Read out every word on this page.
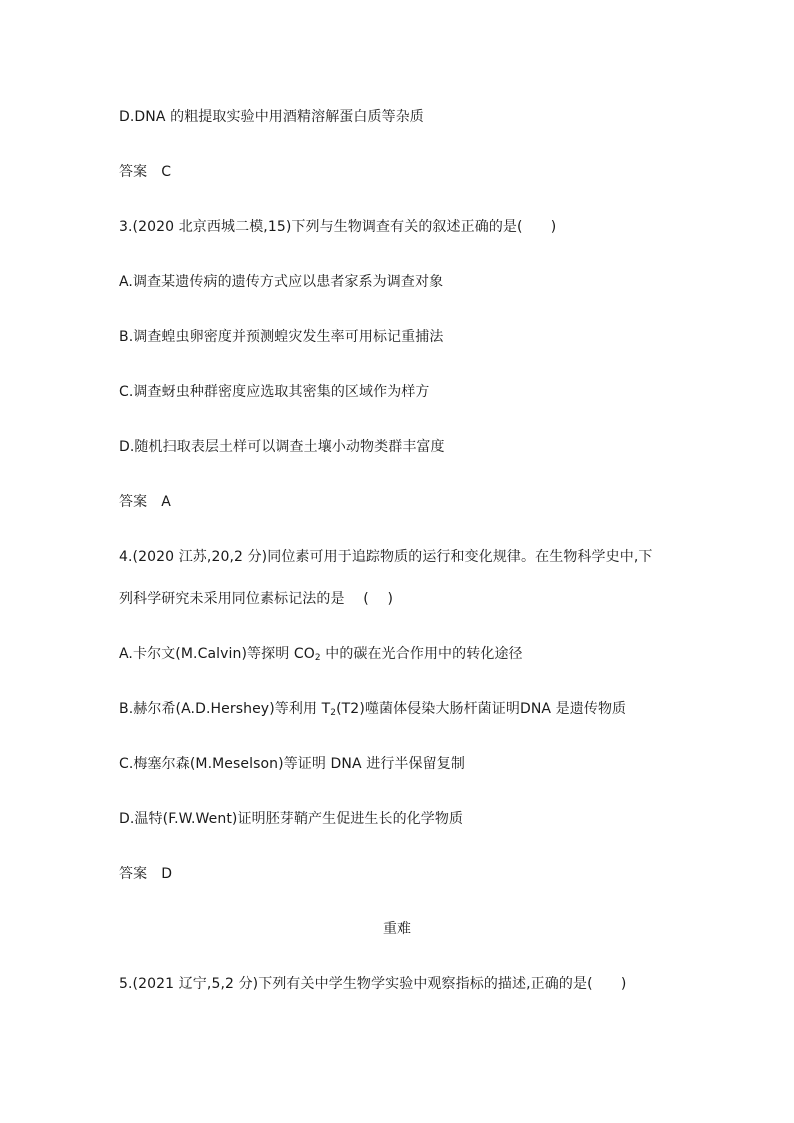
D.DNA 的粗提取实验中用酒精溶解蛋白质等杂质
答案　C
3.(2020 北京西城二模,15)下列与生物调查有关的叙述正确的是(　　)
A.调查某遗传病的遗传方式应以患者家系为调查对象
B.调查蝗虫卵密度并预测蝗灾发生率可用标记重捕法
C.调查蚜虫种群密度应选取其密集的区域作为样方
D.随机扫取表层土样可以调查土壤小动物类群丰富度
答案　A
4.(2020 江苏,20,2 分)同位素可用于追踪物质的运行和变化规律。在生物科学史中,下
列科学研究未采用同位素标记法的是　 (　 )
A.卡尔文(M.Calvin)等探明 $CO_2$ 中的碳在光合作用中的转化途径
B.赫尔希(A.D.Hershey)等利用 $T_2(T2)$噬菌体侵染大肠杆菌证明DNA 是遗传物质
C.梅塞尔森(M.Meselson)等证明 DNA 进行半保留复制
D.温特(F.W.Went)证明胚芽鞘产生促进生长的化学物质
答案　D
重难
5.(2021 辽宁,5,2 分)下列有关中学生物学实验中观察指标的描述,正确的是(　　)
